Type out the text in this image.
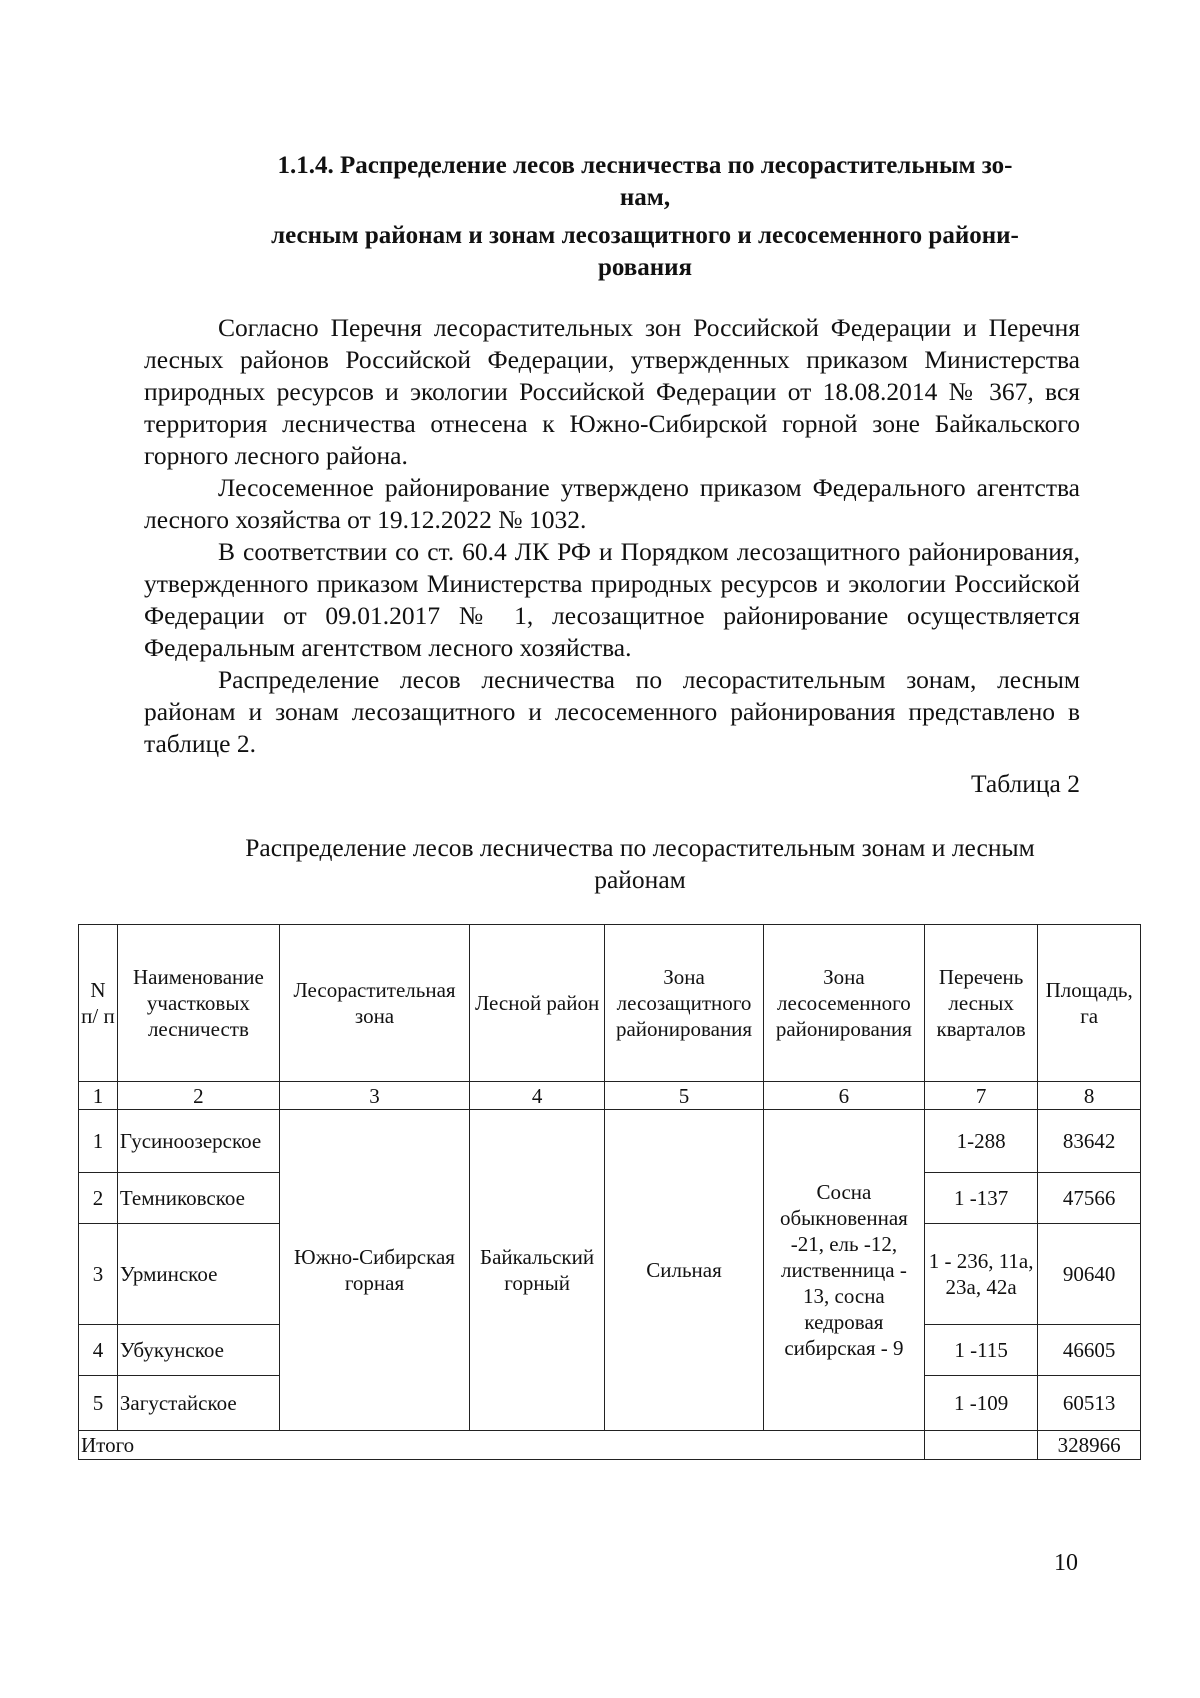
1.1.4. Распределение лесов лесничества по лесорастительным зо-
нам,
лесным районам и зонам лесозащитного и лесосеменного райони-
рования

Согласно Перечня лесорастительных зон Российской Федерации и Перечня лесных районов Российской Федерации, утвержденных приказом Министерства природных ресурсов и экологии Российской Федерации от 18.08.2014 № 367, вся территория лесничества отнесена к Южно-Сибирской горной зоне Байкальского горного лесного района.

Лесосеменное районирование утверждено приказом Федерального агентства лесного хозяйства от 19.12.2022 № 1032.

В соответствии со ст. 60.4 ЛК РФ и Порядком лесозащитного районирования, утвержденного приказом Министерства природных ресурсов и экологии Российской Федерации от 09.01.2017 № 1, лесозащитное районирование осуществляется Федеральным агентством лесного хозяйства.

Распределение лесов лесничества по лесорастительным зонам, лесным районам и зонам лесозащитного и лесосеменного районирования представлено в таблице 2.

Таблица 2
Распределение лесов лесничества по лесорастительным зонам и лесным районам
N п/ п	Наименование участковых лесничеств	Лесорастительная зона	Лесной район	Зона лесозащитного районирования	Зона лесосеменного районирования	Перечень лесных кварталов	Площадь, га
1	2	3	4	5	6	7	8
1	Гусиноозерское	Южно-Сибирская горная	Байкальский горный	Сильная	Сосна обыкновенная -21, ель -12, лиственница - 13, сосна кедровая сибирская - 9	1-288	83642
2	Темниковское					1 -137	47566
3	Урминское					1 - 236, 11а, 23а, 42а	90640
4	Убукунское					1 -115	46605
5	Загустайское					1 -109	60513
Итого							328966
10
